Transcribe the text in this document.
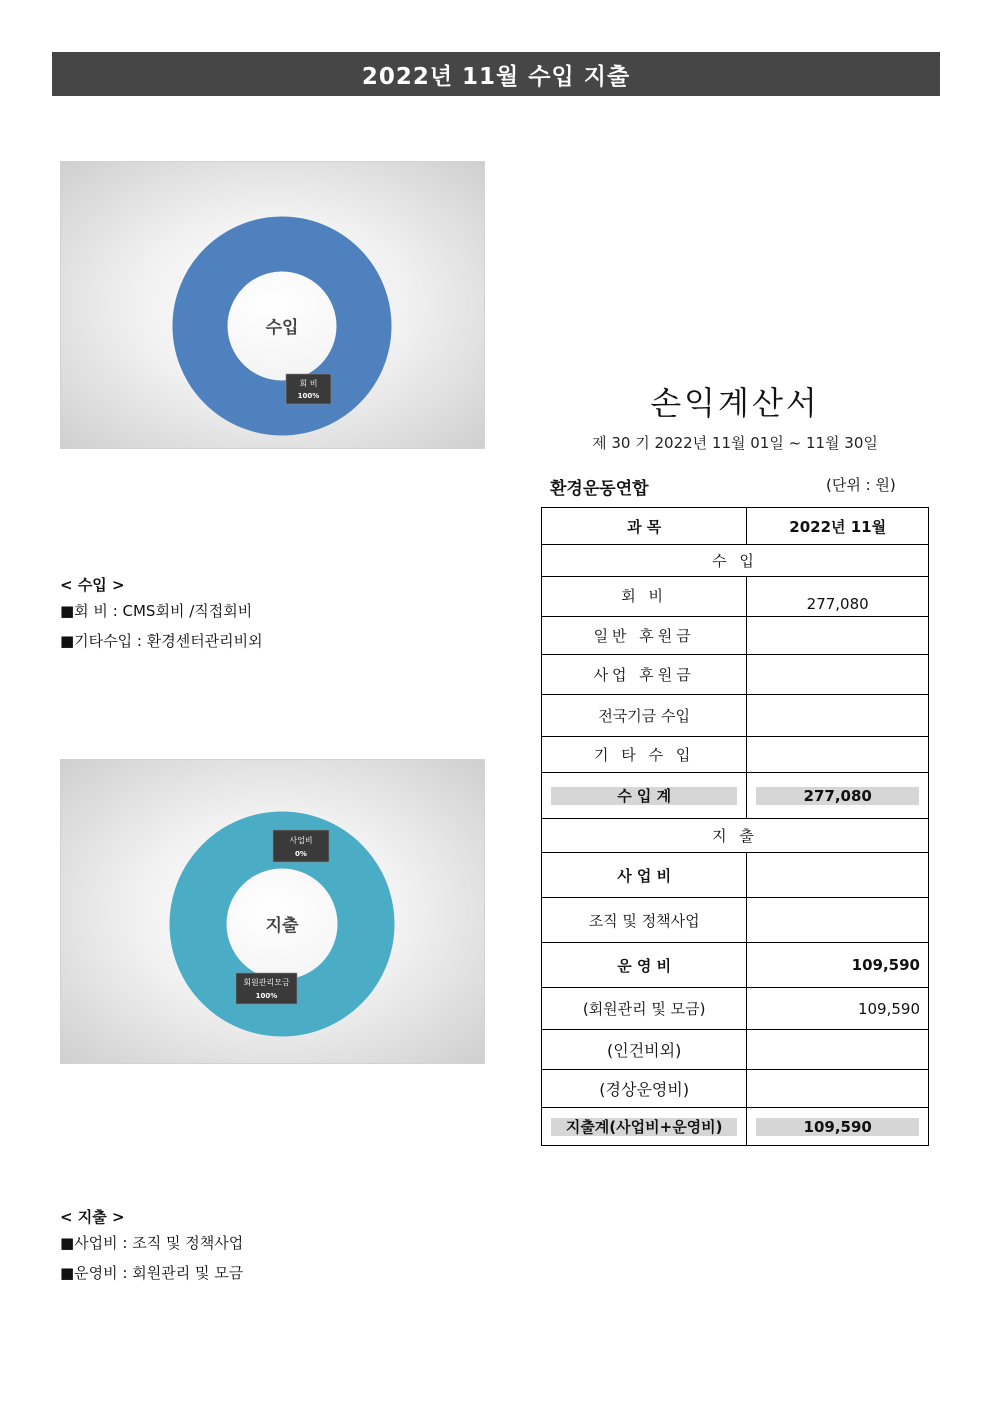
2022년 11월 수입 지출
수입
회 비
100%
< 수입 >
■회 비 : CMS회비 /직접회비
■기타수입 : 환경센터관리비외
지출
사업비
0%
회원관리모금
100%
< 지출 >
■사업비 : 조직 및 정책사업
■운영비 : 회원관리 및 모금
손익계산서
제 30 기 2022년 11월 01일 ~ 11월 30일
환경운동연합	(단위 : 원)
과 목	2022년 11월
수 입	
회 비	277,080
일반 후원금	
사업 후원금	
전국기금 수입	
기 타 수 입	

수 입 계	277,080

지 출	
사 업 비	
조직 및 정책사업	
운 영 비	109,590
(회원관리 및 모금)	109,590
(인건비외)	
(경상운영비)	

지출계(사업비+운영비)	109,590
